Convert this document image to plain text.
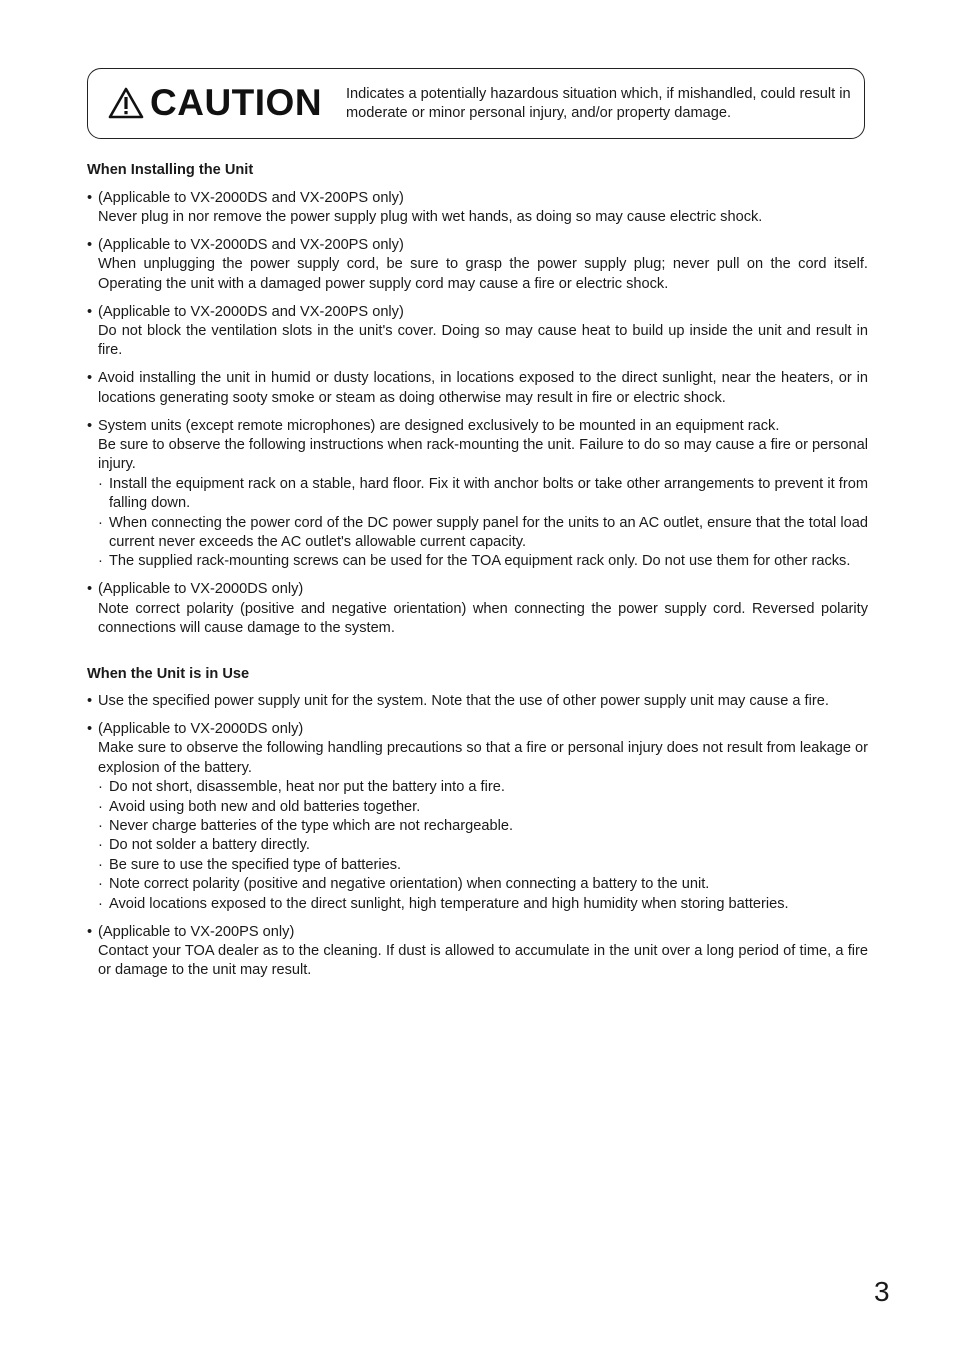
CAUTION Indicates a potentially hazardous situation which, if mishandled, could result in moderate or minor personal injury, and/or property damage.
When Installing the Unit
• (Applicable to VX-2000DS and VX-200PS only)
Never plug in nor remove the power supply plug with wet hands, as doing so may cause electric shock.
• (Applicable to VX-2000DS and VX-200PS only)
When unplugging the power supply cord, be sure to grasp the power supply plug; never pull on the cord itself. Operating the unit with a damaged power supply cord may cause a fire or electric shock.
• (Applicable to VX-2000DS and VX-200PS only)
Do not block the ventilation slots in the unit's cover. Doing so may cause heat to build up inside the unit and result in fire.
• Avoid installing the unit in humid or dusty locations, in locations exposed to the direct sunlight, near the heaters, or in locations generating sooty smoke or steam as doing otherwise may result in fire or electric shock.
• System units (except remote microphones) are designed exclusively to be mounted in an equipment rack.
Be sure to observe the following instructions when rack-mounting the unit. Failure to do so may cause a fire or personal injury.
· Install the equipment rack on a stable, hard floor. Fix it with anchor bolts or take other arrangements to prevent it from falling down.
· When connecting the power cord of the DC power supply panel for the units to an AC outlet, ensure that the total load current never exceeds the AC outlet's allowable current capacity.
· The supplied rack-mounting screws can be used for the TOA equipment rack only. Do not use them for other racks.
• (Applicable to VX-2000DS only)
Note correct polarity (positive and negative orientation) when connecting the power supply cord. Reversed polarity connections will cause damage to the system.
When the Unit is in Use
• Use the specified power supply unit for the system. Note that the use of other power supply unit may cause a fire.
• (Applicable to VX-2000DS only)
Make sure to observe the following handling precautions so that a fire or personal injury does not result from leakage or explosion of the battery.
· Do not short, disassemble, heat nor put the battery into a fire.
· Avoid using both new and old batteries together.
· Never charge batteries of the type which are not rechargeable.
· Do not solder a battery directly.
· Be sure to use the specified type of batteries.
· Note correct polarity (positive and negative orientation) when connecting a battery to the unit.
· Avoid locations exposed to the direct sunlight, high temperature and high humidity when storing batteries.
• (Applicable to VX-200PS only)
Contact your TOA dealer as to the cleaning. If dust is allowed to accumulate in the unit over a long period of time, a fire or damage to the unit may result.
3
